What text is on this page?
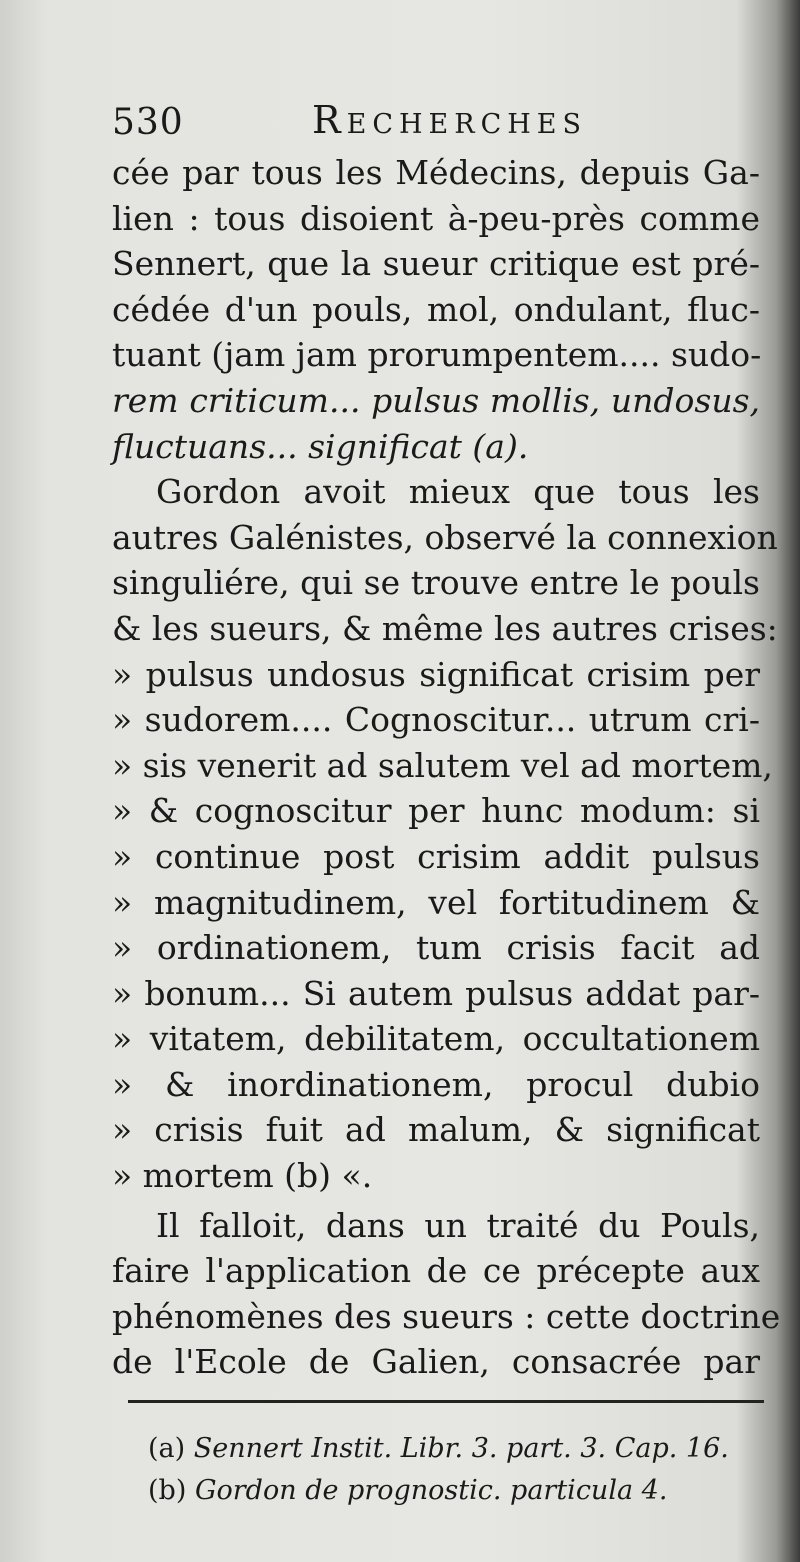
530	Recherches
cée par tous les Médecins, depuis Ga-
lien : tous disoient à-peu-près comme
Sennert, que la sueur critique est pré-
cédée d'un pouls, mol, ondulant, fluc-
tuant (jam jam prorumpentem.... sudo-
rem criticum... pulsus mollis, undosus,
fluctuans... significat (a).
Gordon avoit mieux que tous les
autres Galénistes, observé la connexion
singuliére, qui se trouve entre le pouls
& les sueurs, & même les autres crises:
» pulsus undosus significat crisim per
» sudorem.... Cognoscitur... utrum cri-
» sis venerit ad salutem vel ad mortem,
» & cognoscitur per hunc modum: si
» continue post crisim addit pulsus
» magnitudinem, vel fortitudinem &
» ordinationem, tum crisis facit ad
» bonum... Si autem pulsus addat par-
» vitatem, debilitatem, occultationem
» & inordinationem, procul dubio
» crisis fuit ad malum, & significat
» mortem (b) «.
Il falloit, dans un traité du Pouls,
faire l'application de ce précepte aux
phénomènes des sueurs : cette doctrine
de l'Ecole de Galien, consacrée par
(a) Sennert Instit. Libr. 3. part. 3. Cap. 16.
(b) Gordon de prognostic. particula 4.
